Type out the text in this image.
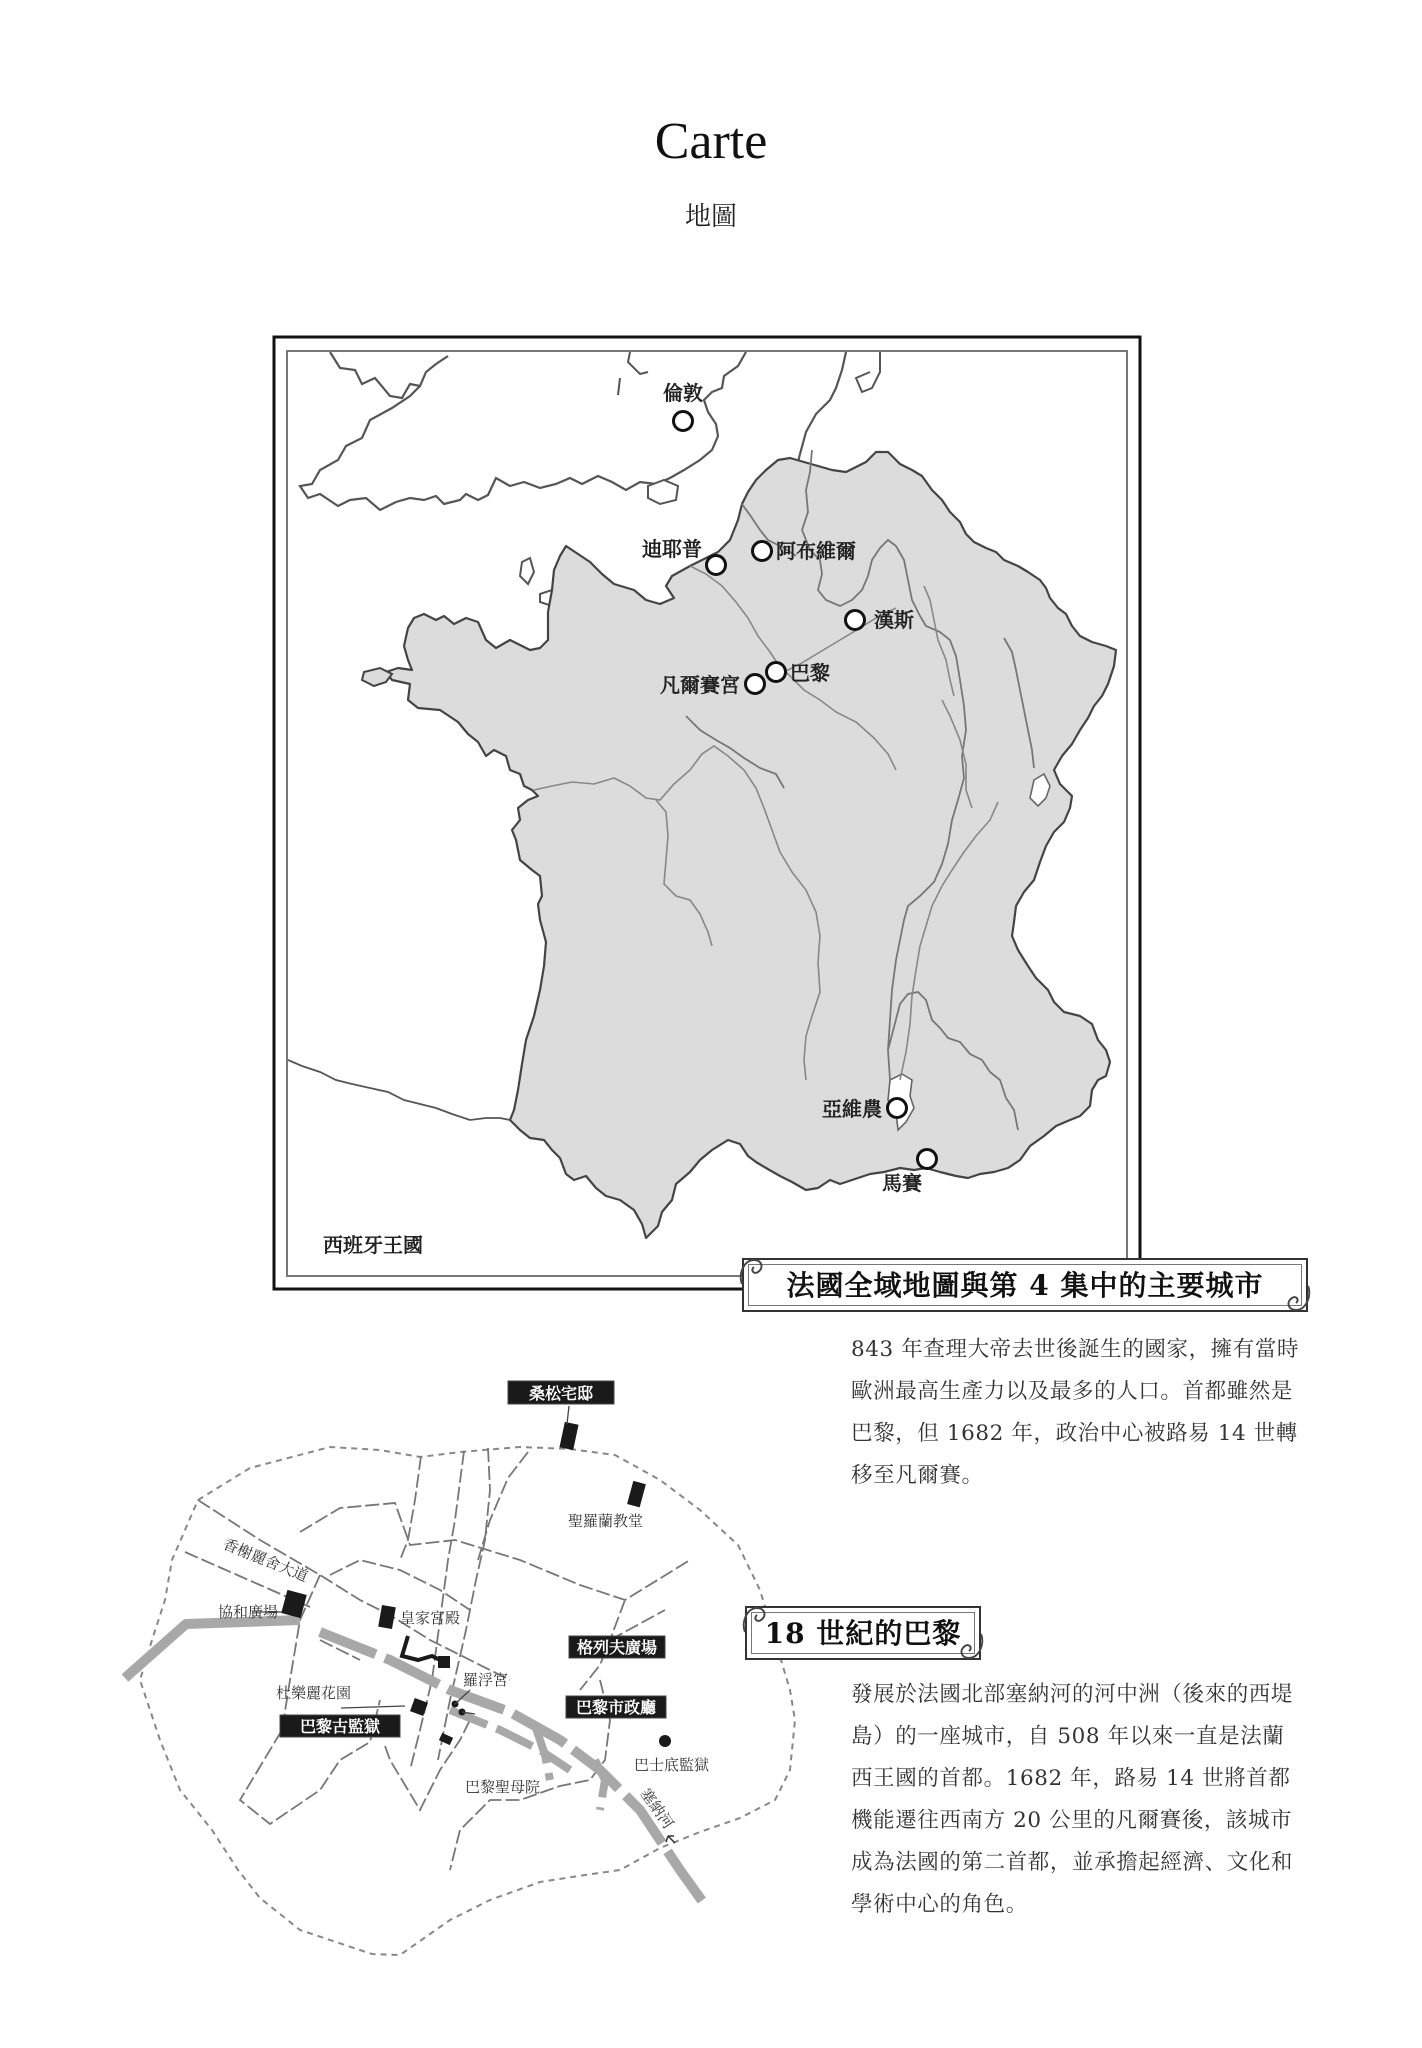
Carte
地圖
倫敦
迪耶普	阿布維爾
漢斯
巴黎
凡爾賽宮
亞維農
馬賽
西班牙王國
桑松宅邸
格列夫廣場
巴黎市政廳
巴黎古監獄
聖羅蘭教堂
香榭麗舍大道
協和廣場	皇家宮殿
羅浮宮
杜樂麗花園
巴士底監獄
巴黎聖母院	塞納河
法國全域地圖與第 4 集中的主要城市
843 年查理大帝去世後誕生的國家，擁有當時
歐洲最高生產力以及最多的人口。首都雖然是
巴黎，但 1682 年，政治中心被路易 14 世轉
移至凡爾賽。
18 世紀的巴黎
發展於法國北部塞納河的河中洲（後來的西堤
島）的一座城市，自 508 年以來一直是法蘭
西王國的首都。1682 年，路易 14 世將首都
機能遷往西南方 20 公里的凡爾賽後，該城市
成為法國的第二首都，並承擔起經濟、文化和
學術中心的角色。
